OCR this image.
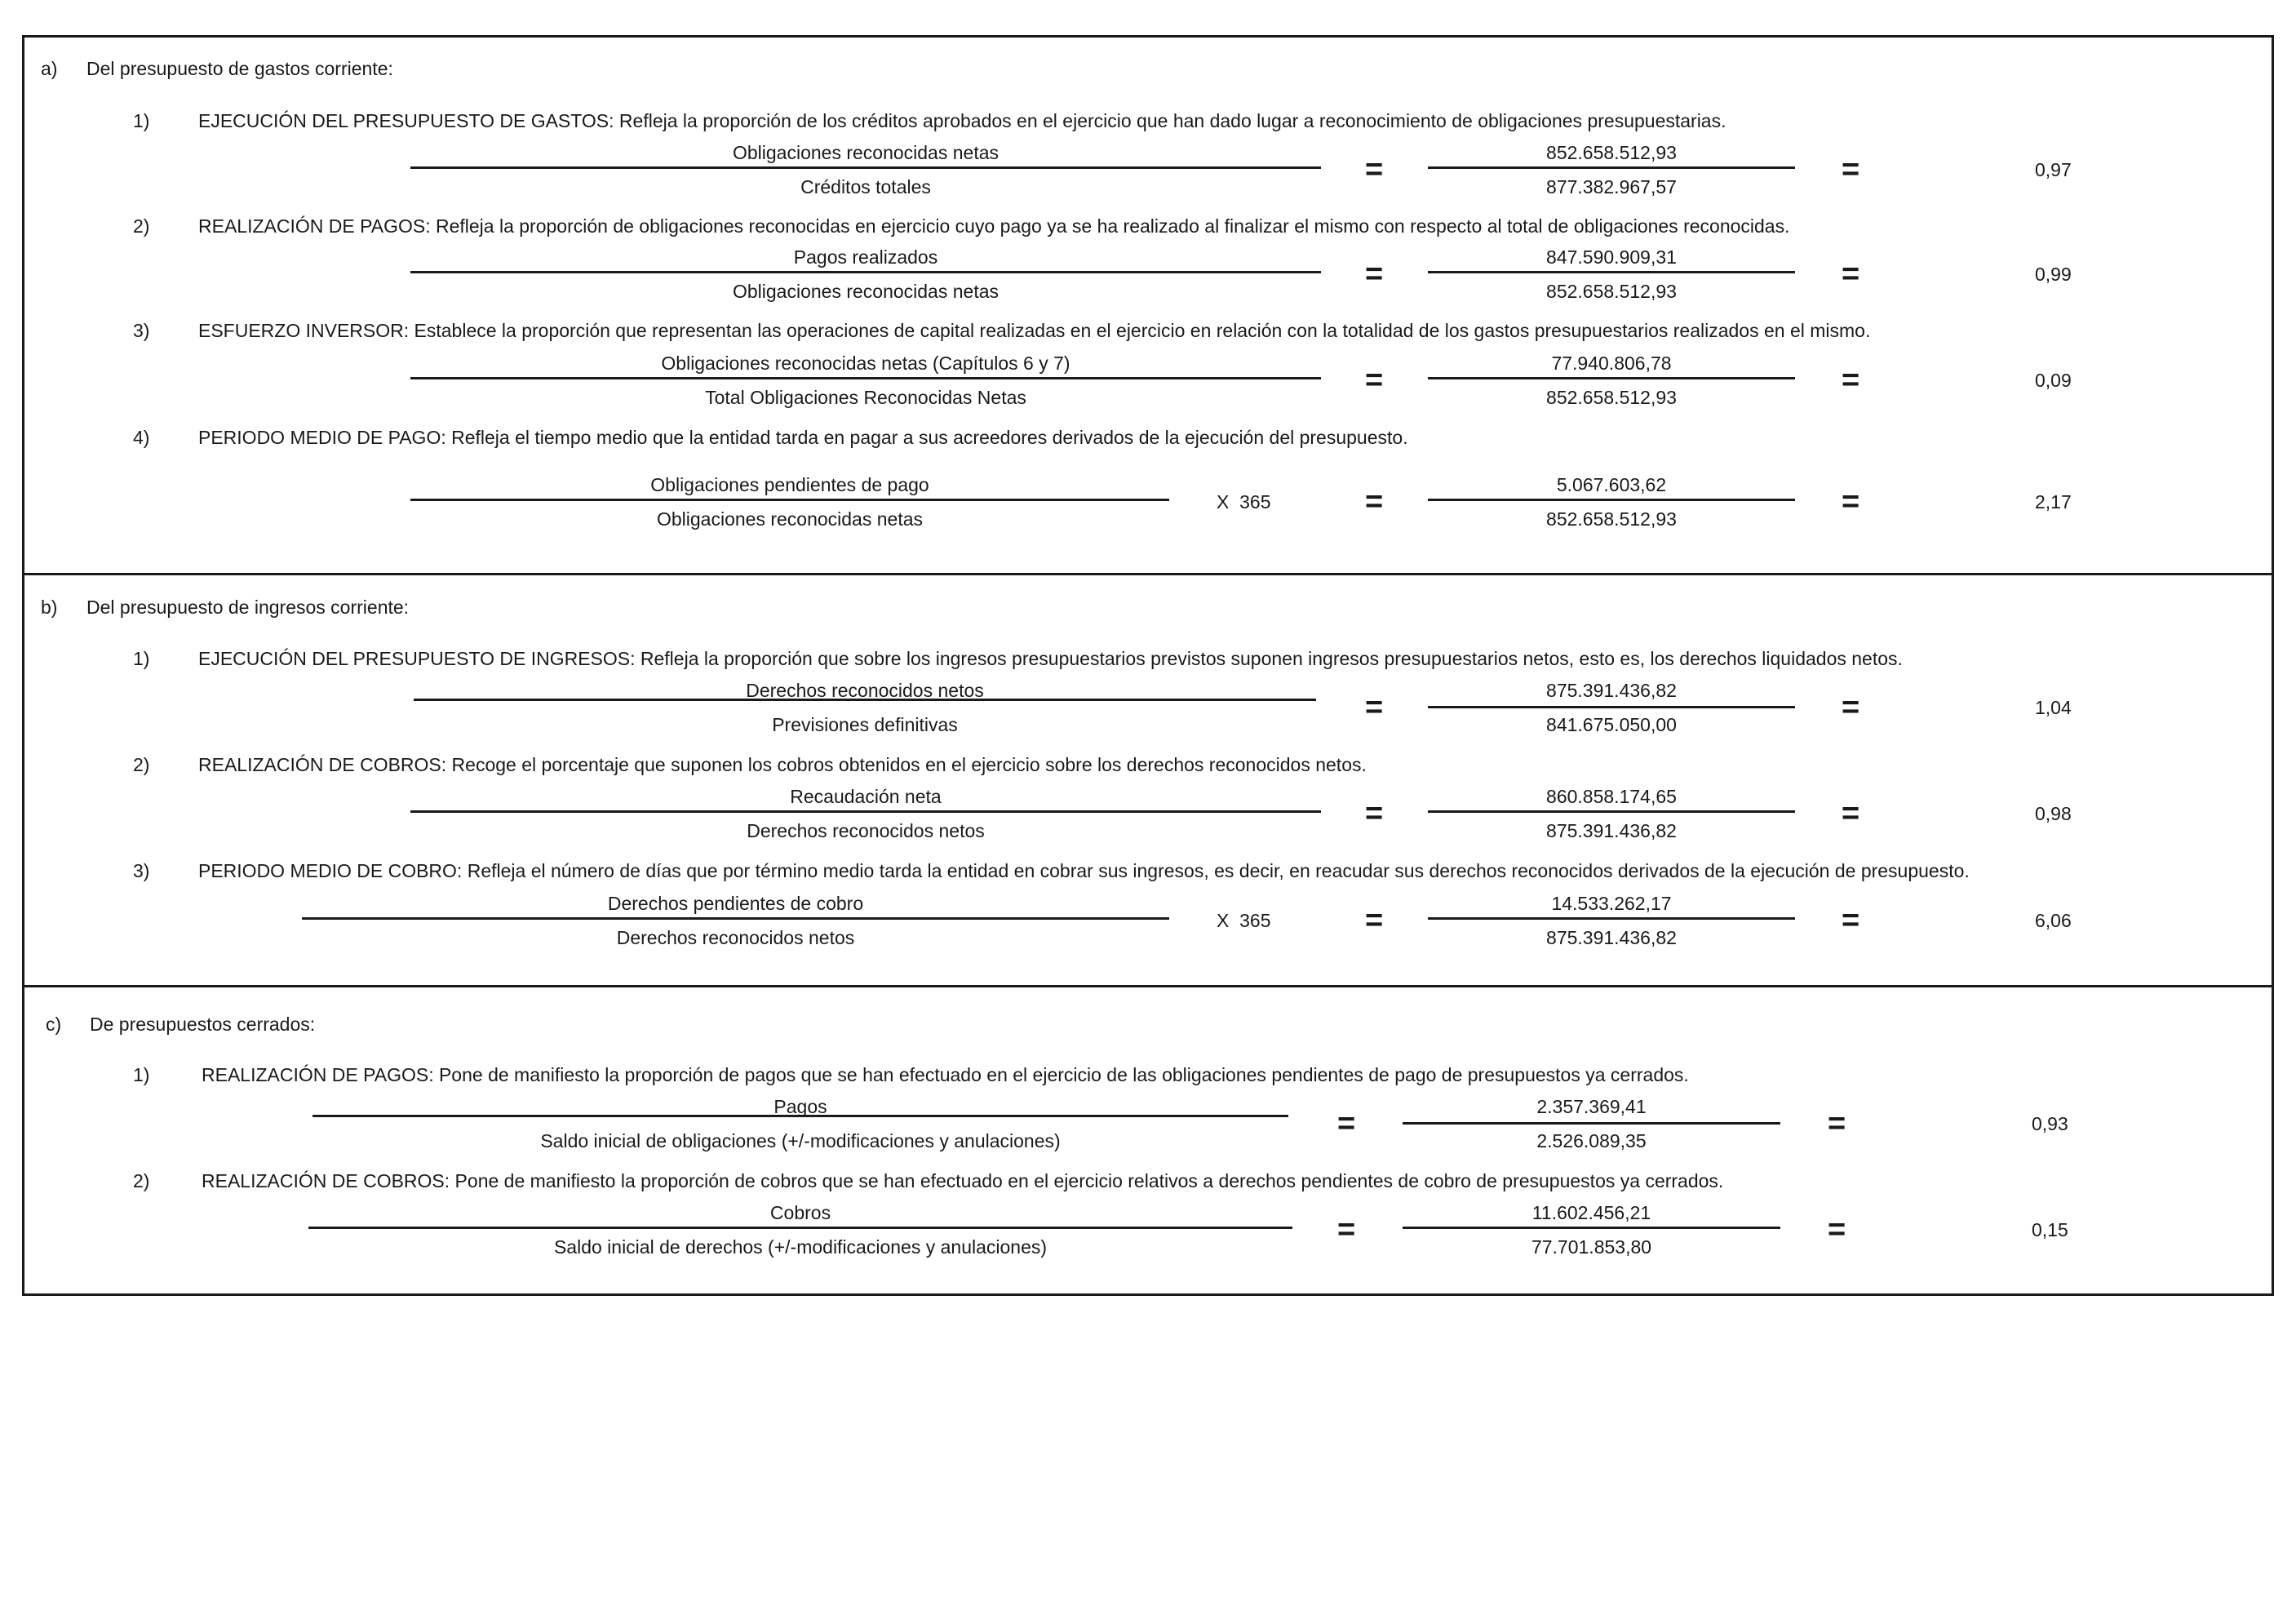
a) Del presupuesto de gastos corriente:
1)	EJECUCIÓN DEL PRESUPUESTO DE GASTOS: Refleja la proporción de los créditos aprobados en el ejercicio que han dado lugar a reconocimiento de obligaciones presupuestarias.
Obligaciones reconocidas netas
Créditos totales	=	852.658.512,93
877.382.967,57	=	0,97
2)	REALIZACIÓN DE PAGOS: Refleja la proporción de obligaciones reconocidas en ejercicio cuyo pago ya se ha realizado al finalizar el mismo con respecto al total de obligaciones reconocidas.
Pagos realizados
Obligaciones reconocidas netas	=	847.590.909,31
852.658.512,93	=	0,99
3)	ESFUERZO INVERSOR: Establece la proporción que representan las operaciones de capital realizadas en el ejercicio en relación con la totalidad de los gastos presupuestarios realizados en el mismo.
Obligaciones reconocidas netas (Capítulos 6 y 7)
Total Obligaciones Reconocidas Netas	=	77.940.806,78
852.658.512,93	=	0,09
4)	PERIODO MEDIO DE PAGO: Refleja el tiempo medio que la entidad tarda en pagar a sus acreedores derivados de la ejecución del presupuesto.
Obligaciones pendientes de pago
Obligaciones reconocidas netas
X  365	=	5.067.603,62
852.658.512,93	=	2,17
b) Del presupuesto de ingresos corriente:
1)	EJECUCIÓN DEL PRESUPUESTO DE INGRESOS: Refleja la proporción que sobre los ingresos presupuestarios previstos suponen ingresos presupuestarios netos, esto es, los derechos liquidados netos.
Derechos reconocidos netos
Previsiones definitivas	=	875.391.436,82
841.675.050,00	=	1,04
2)	REALIZACIÓN DE COBROS: Recoge el porcentaje que suponen los cobros obtenidos en el ejercicio sobre los derechos reconocidos netos.
Recaudación neta
Derechos reconocidos netos	=	860.858.174,65
875.391.436,82	=	0,98
3)	PERIODO MEDIO DE COBRO: Refleja el número de días que por término medio tarda la entidad en cobrar sus ingresos, es decir, en reacudar sus derechos reconocidos derivados de la ejecución de presupuesto.
Derechos pendientes de cobro
Derechos reconocidos netos
X  365	=	14.533.262,17
875.391.436,82	=	6,06
c) De presupuestos cerrados:
1)	REALIZACIÓN DE PAGOS: Pone de manifiesto la proporción de pagos que se han efectuado en el ejercicio de las obligaciones pendientes de pago de presupuestos ya cerrados.
Pagos
Saldo inicial de obligaciones (+/-modificaciones y anulaciones)	=	2.357.369,41
2.526.089,35	=	0,93
2)	REALIZACIÓN DE COBROS: Pone de manifiesto la proporción de cobros que se han efectuado en el ejercicio relativos a derechos pendientes de cobro de presupuestos ya cerrados.
Cobros
Saldo inicial de derechos (+/-modificaciones y anulaciones)	=	11.602.456,21
77.701.853,80	=	0,15
